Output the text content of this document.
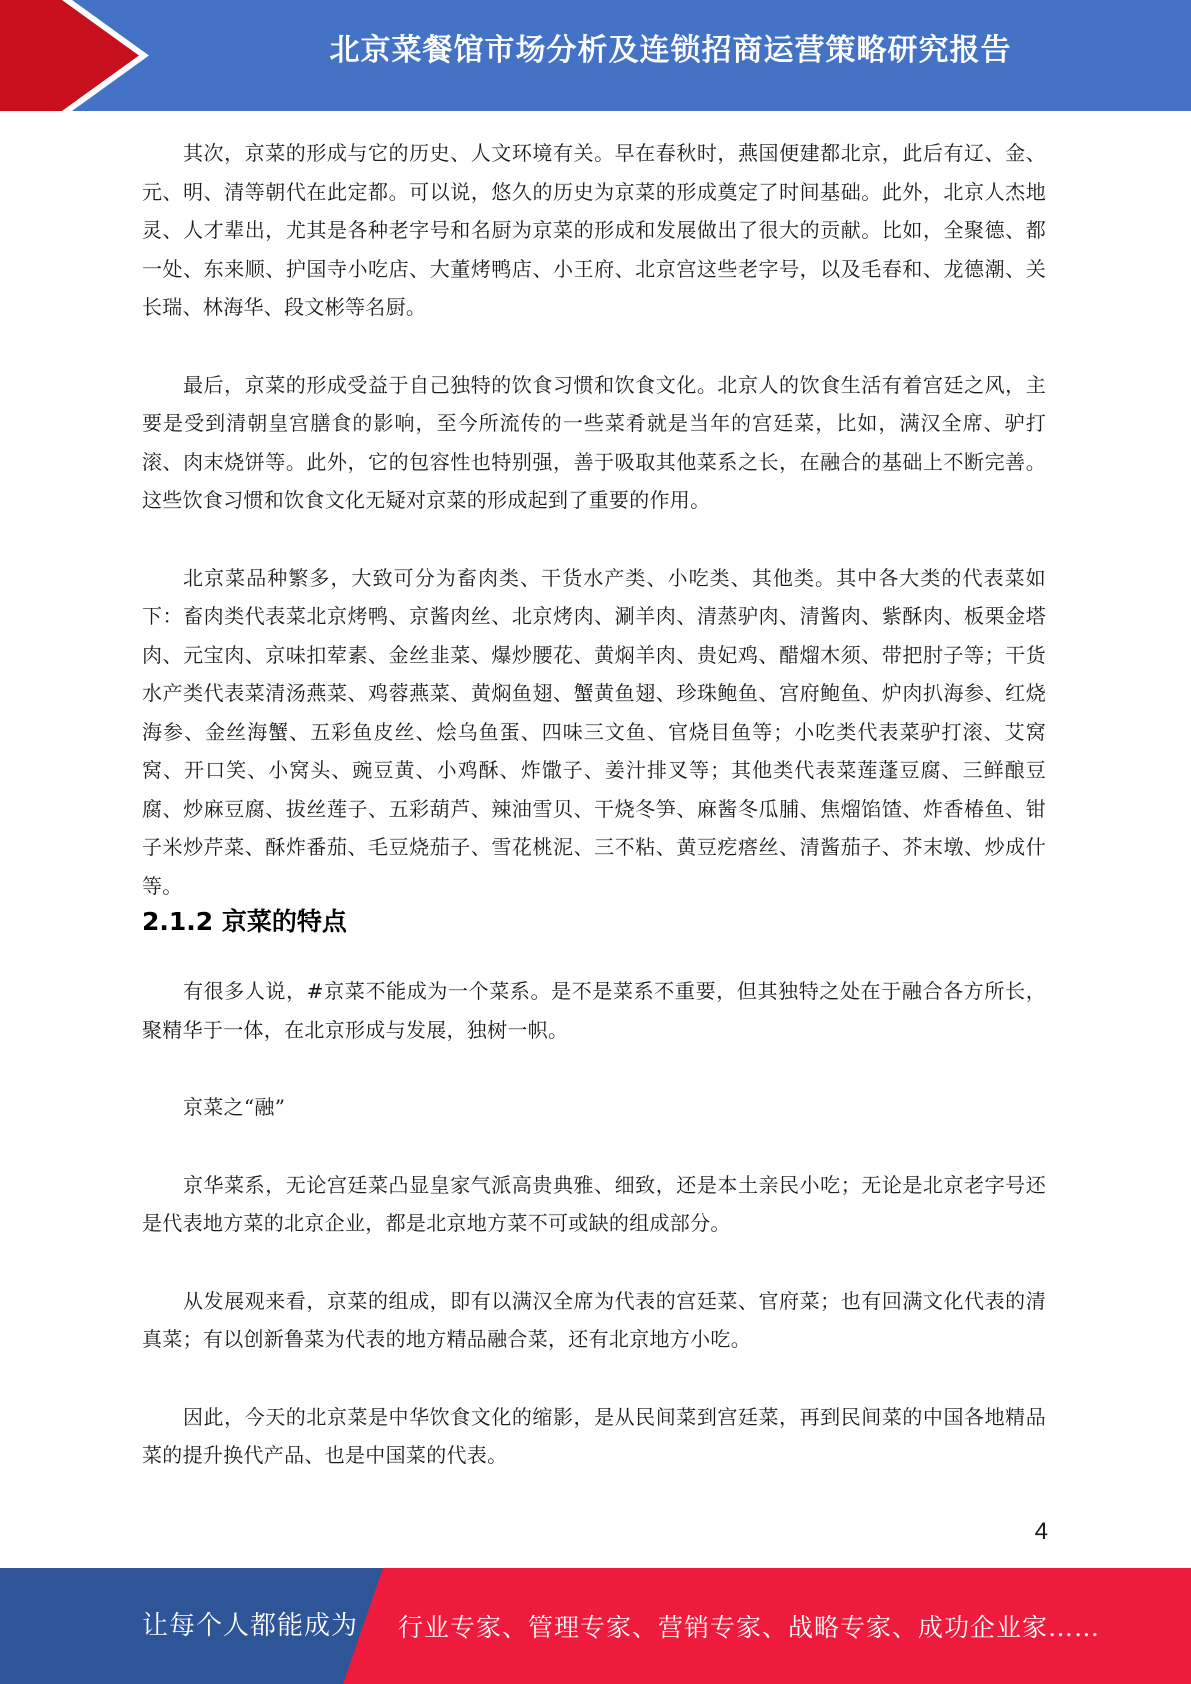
北京菜餐馆市场分析及连锁招商运营策略研究报告

其次，京菜的形成与它的历史、人文环境有关。早在春秋时，燕国便建都北京，此后有辽、金、元、明、清等朝代在此定都。可以说，悠久的历史为京菜的形成奠定了时间基础。此外，北京人杰地灵、人才辈出，尤其是各种老字号和名厨为京菜的形成和发展做出了很大的贡献。比如，全聚德、都一处、东来顺、护国寺小吃店、大董烤鸭店、小王府、北京宫这些老字号，以及毛春和、龙德潮、关长瑞、林海华、段文彬等名厨。

最后，京菜的形成受益于自己独特的饮食习惯和饮食文化。北京人的饮食生活有着宫廷之风，主要是受到清朝皇宫膳食的影响，至今所流传的一些菜肴就是当年的宫廷菜，比如，满汉全席、驴打滚、肉末烧饼等。此外，它的包容性也特别强，善于吸取其他菜系之长，在融合的基础上不断完善。这些饮食习惯和饮食文化无疑对京菜的形成起到了重要的作用。

北京菜品种繁多，大致可分为畜肉类、干货水产类、小吃类、其他类。其中各大类的代表菜如下：畜肉类代表菜北京烤鸭、京酱肉丝、北京烤肉、涮羊肉、清蒸驴肉、清酱肉、紫酥肉、板栗金塔肉、元宝肉、京味扣荤素、金丝韭菜、爆炒腰花、黄焖羊肉、贵妃鸡、醋熘木须、带把肘子等；干货水产类代表菜清汤燕菜、鸡蓉燕菜、黄焖鱼翅、蟹黄鱼翅、珍珠鲍鱼、宫府鲍鱼、炉肉扒海参、红烧海参、金丝海蟹、五彩鱼皮丝、烩乌鱼蛋、四味三文鱼、官烧目鱼等；小吃类代表菜驴打滚、艾窝窝、开口笑、小窝头、豌豆黄、小鸡酥、炸馓子、姜汁排叉等；其他类代表菜莲蓬豆腐、三鲜酿豆腐、炒麻豆腐、拔丝莲子、五彩葫芦、辣油雪贝、干烧冬笋、麻酱冬瓜脯、焦熘馅馇、炸香椿鱼、钳子米炒芹菜、酥炸番茄、毛豆烧茄子、雪花桃泥、三不粘、黄豆疙瘩丝、清酱茄子、芥末墩、炒成什等。

2.1.2 京菜的特点

有很多人说，#京菜不能成为一个菜系。是不是菜系不重要，但其独特之处在于融合各方所长，聚精华于一体，在北京形成与发展，独树一帜。

京菜之“融”

京华菜系，无论宫廷菜凸显皇家气派高贵典雅、细致，还是本土亲民小吃；无论是北京老字号还是代表地方菜的北京企业，都是北京地方菜不可或缺的组成部分。

从发展观来看，京菜的组成，即有以满汉全席为代表的宫廷菜、官府菜；也有回满文化代表的清真菜；有以创新鲁菜为代表的地方精品融合菜，还有北京地方小吃。

因此，今天的北京菜是中华饮食文化的缩影，是从民间菜到宫廷菜，再到民间菜的中国各地精品菜的提升换代产品、也是中国菜的代表。

4
让每个人都能成为 行业专家、管理专家、营销专家、战略专家、成功企业家……
